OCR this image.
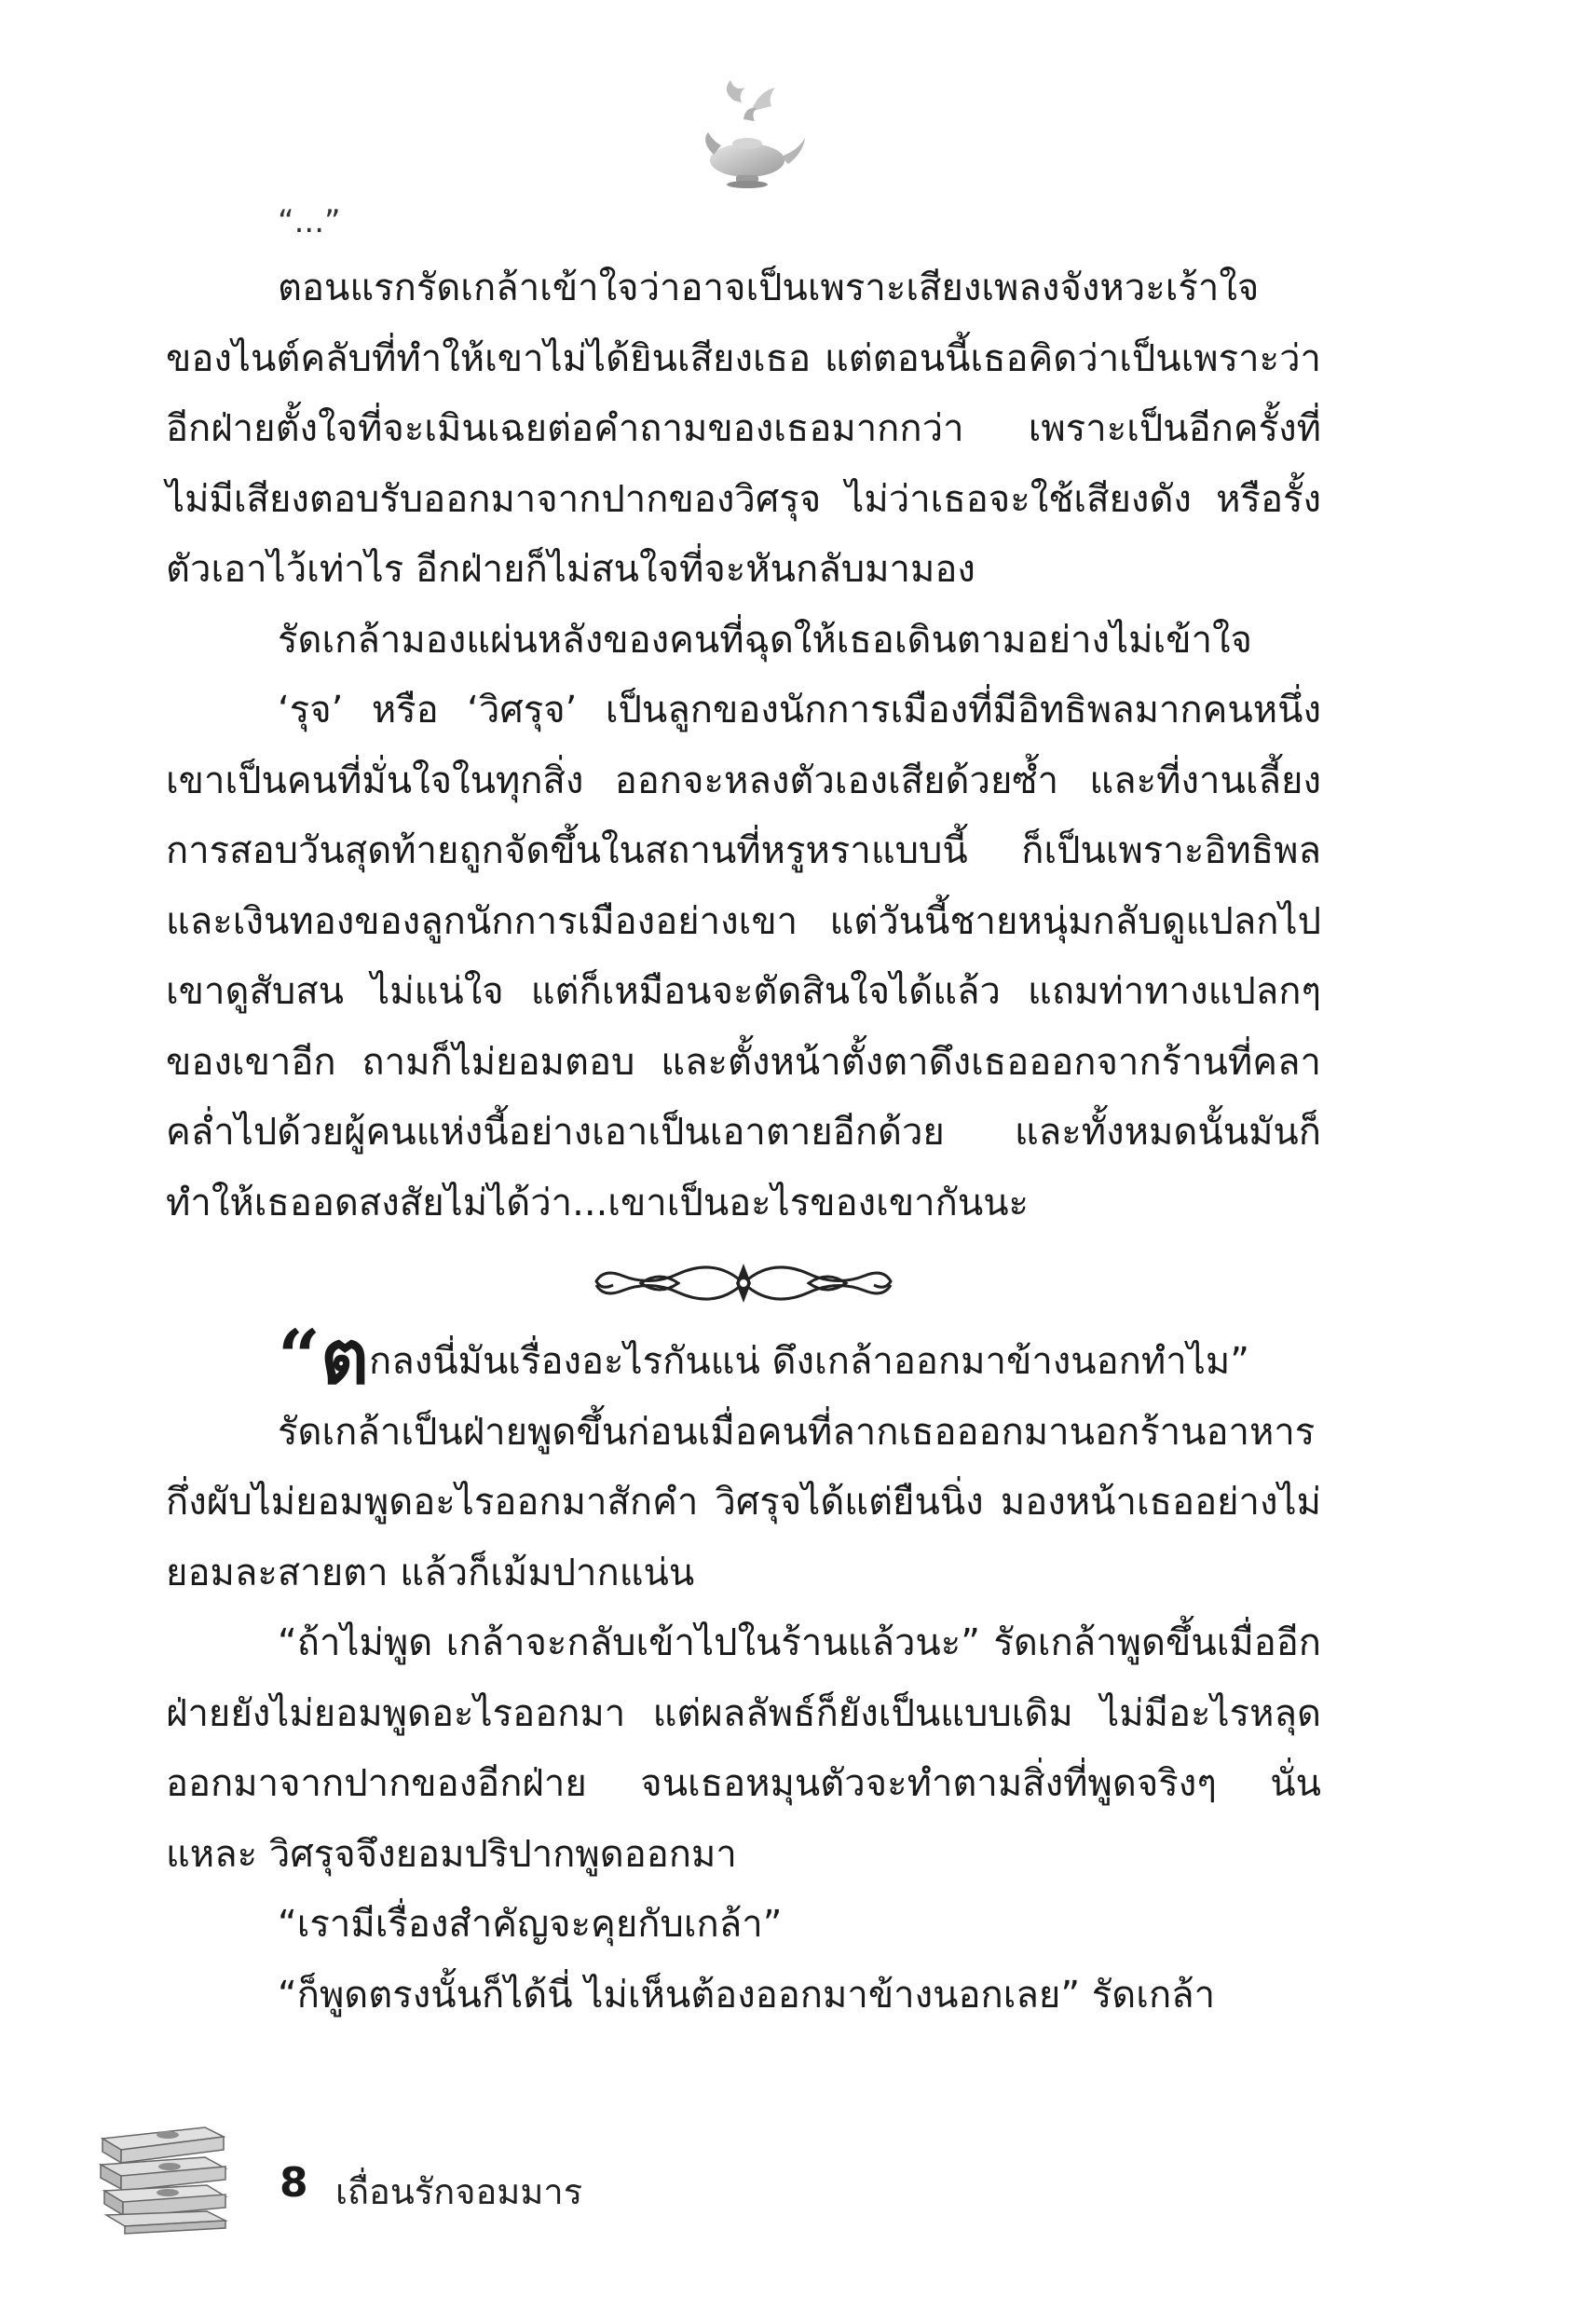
“...”

ตอนแรกรัดเกล้าเข้าใจว่าอาจเป็นเพราะเสียงเพลงจังหวะเร้าใจของไนต์คลับที่ทำให้เขาไม่ได้ยินเสียงเธอ แต่ตอนนี้เธอคิดว่าเป็นเพราะว่าอีกฝ่ายตั้งใจที่จะเมินเฉยต่อคำถามของเธอมากกว่า เพราะเป็นอีกครั้งที่ไม่มีเสียงตอบรับออกมาจากปากของวิศรุจ ไม่ว่าเธอจะใช้เสียงดัง หรือรั้งตัวเอาไว้เท่าไร อีกฝ่ายก็ไม่สนใจที่จะหันกลับมามอง

รัดเกล้ามองแผ่นหลังของคนที่ฉุดให้เธอเดินตามอย่างไม่เข้าใจ

‘รุจ’ หรือ ‘วิศรุจ’ เป็นลูกของนักการเมืองที่มีอิทธิพลมากคนหนึ่ง เขาเป็นคนที่มั่นใจในทุกสิ่ง ออกจะหลงตัวเองเสียด้วยซ้ำ และที่งานเลี้ยงการสอบวันสุดท้ายถูกจัดขึ้นในสถานที่หรูหราแบบนี้ ก็เป็นเพราะอิทธิพลและเงินทองของลูกนักการเมืองอย่างเขา แต่วันนี้ชายหนุ่มกลับดูแปลกไป เขาดูสับสน ไม่แน่ใจ แต่ก็เหมือนจะตัดสินใจได้แล้ว แถมท่าทางแปลกๆ ของเขาอีก ถามก็ไม่ยอมตอบ และตั้งหน้าตั้งตาดึงเธอออกจากร้านที่คลาคล่ำไปด้วยผู้คนแห่งนี้อย่างเอาเป็นเอาตายอีกด้วย และทั้งหมดนั้นมันก็ทำให้เธออดสงสัยไม่ได้ว่า...เขาเป็นอะไรของเขากันนะ

“ตกลงนี่มันเรื่องอะไรกันแน่ ดึงเกล้าออกมาข้างนอกทำไม”

รัดเกล้าเป็นฝ่ายพูดขึ้นก่อนเมื่อคนที่ลากเธอออกมานอกร้านอาหารกึ่งผับไม่ยอมพูดอะไรออกมาสักคำ วิศรุจได้แต่ยืนนิ่ง มองหน้าเธออย่างไม่ยอมละสายตา แล้วก็เม้มปากแน่น

“ถ้าไม่พูด เกล้าจะกลับเข้าไปในร้านแล้วนะ” รัดเกล้าพูดขึ้นเมื่ออีกฝ่ายยังไม่ยอมพูดอะไรออกมา แต่ผลลัพธ์ก็ยังเป็นแบบเดิม ไม่มีอะไรหลุดออกมาจากปากของอีกฝ่าย จนเธอหมุนตัวจะทำตามสิ่งที่พูดจริงๆ นั่นแหละ วิศรุจจึงยอมปริปากพูดออกมา

“เรามีเรื่องสำคัญจะคุยกับเกล้า”

“ก็พูดตรงนั้นก็ได้นี่ ไม่เห็นต้องออกมาข้างนอกเลย” รัดเกล้า

8 เถื่อนรักจอมมาร
